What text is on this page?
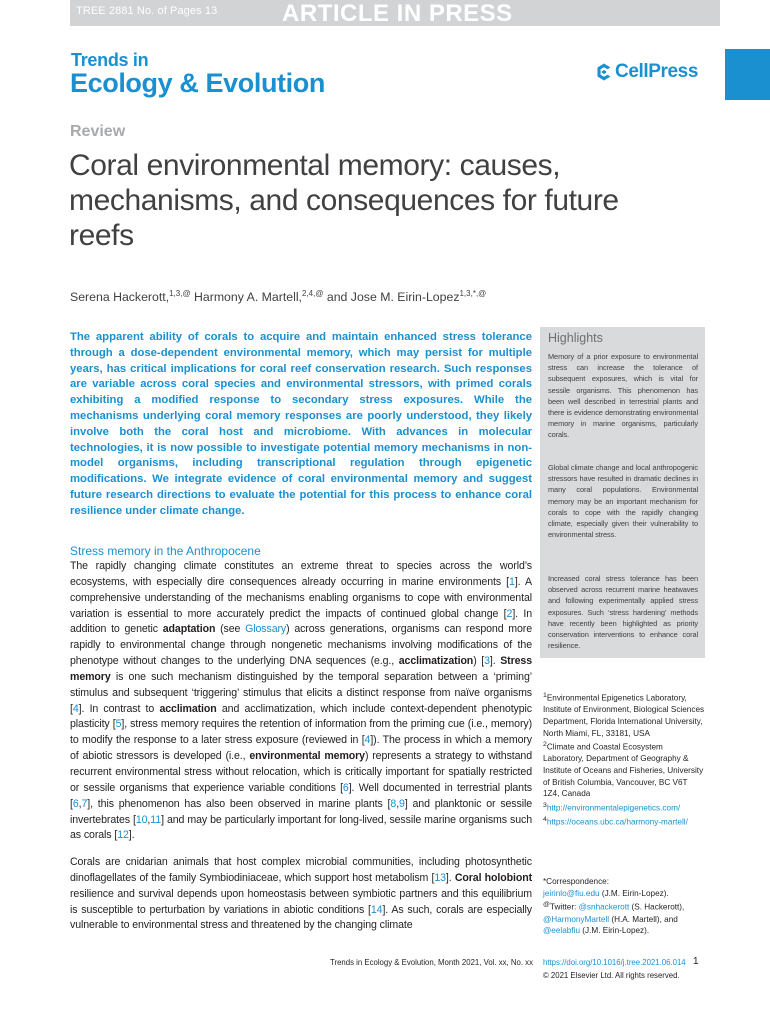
TREE 2881 No. of Pages 13	ARTICLE IN PRESS
Trends in
Ecology & Evolution	CellPress
Review
Coral environmental memory: causes, mechanisms, and consequences for future reefs
Serena Hackerott,$^{1,3,@}$ Harmony A. Martell,$^{2,4,@}$ and Jose M. Eirin-Lopez$^{1,3,*,@}$
The apparent ability of corals to acquire and maintain enhanced stress tolerance through a dose-dependent environmental memory, which may persist for multiple years, has critical implications for coral reef conservation research. Such responses are variable across coral species and environmental stressors, with primed corals exhibiting a modified response to secondary stress exposures. While the mechanisms underlying coral memory responses are poorly understood, they likely involve both the coral host and microbiome. With advances in molecular technologies, it is now possible to investigate potential memory mechanisms in non-model organisms, including transcriptional regulation through epigenetic modifications. We integrate evidence of coral environmental memory and suggest future research directions to evaluate the potential for this process to enhance coral resilience under climate change.
Highlights
Memory of a prior exposure to environmental stress can increase the tolerance of subsequent exposures, which is vital for sessile organisms. This phenomenon has been well described in terrestrial plants and there is evidence demonstrating environmental memory in marine organisms, particularly corals.
Global climate change and local anthropogenic stressors have resulted in dramatic declines in many coral populations. Environmental memory may be an important mechanism for corals to cope with the rapidly changing climate, especially given their vulnerability to environmental stress.
Increased coral stress tolerance has been observed across recurrent marine heatwaves and following experimentally applied stress exposures. Such ‘stress hardening’ methods have recently been highlighted as priority conservation interventions to enhance coral resilience.
Stress memory in the Anthropocene
The rapidly changing climate constitutes an extreme threat to species across the world’s ecosystems, with especially dire consequences already occurring in marine environments [1]. A comprehensive understanding of the mechanisms enabling organisms to cope with environmental variation is essential to more accurately predict the impacts of continued global change [2]. In addition to genetic adaptation (see Glossary) across generations, organisms can respond more rapidly to environmental change through nongenetic mechanisms involving modifications of the phenotype without changes to the underlying DNA sequences (e.g., acclimatization) [3]. Stress memory is one such mechanism distinguished by the temporal separation between a ‘priming’ stimulus and subsequent ‘triggering’ stimulus that elicits a distinct response from naïve organisms [4]. In contrast to acclimation and acclimatization, which include context-dependent phenotypic plasticity [5], stress memory requires the retention of information from the priming cue (i.e., memory) to modify the response to a later stress exposure (reviewed in [4]). The process in which a memory of abiotic stressors is developed (i.e., environmental memory) represents a strategy to withstand recurrent environmental stress without relocation, which is critically important for spatially restricted or sessile organisms that experience variable conditions [6]. Well documented in terrestrial plants [6,7], this phenomenon has also been observed in marine plants [8,9] and planktonic or sessile invertebrates [10,11] and may be particularly important for long-lived, sessile marine organisms such as corals [12].
Corals are cnidarian animals that host complex microbial communities, including photosynthetic dinoflagellates of the family Symbiodiniaceae, which support host metabolism [13]. Coral holobiont resilience and survival depends upon homeostasis between symbiotic partners and this equilibrium is susceptible to perturbation by variations in abiotic conditions [14]. As such, corals are especially vulnerable to environmental stress and threatened by the changing climate
$^1$Environmental Epigenetics Laboratory, Institute of Environment, Biological Sciences Department, Florida International University, North Miami, FL, 33181, USA
$^2$Climate and Coastal Ecosystem Laboratory, Department of Geography & Institute of Oceans and Fisheries, University of British Columbia, Vancouver, BC V6T 1Z4, Canada
$^3$http://environmentalepigenetics.com/
$^4$https://oceans.ubc.ca/harmony-martell/
*Correspondence:
jeirinlo@fiu.edu (J.M. Eirin-Lopez).
@Twitter: @snhackerott (S. Hackerott),
@HarmonyMartell (H.A. Martell), and
@eelabfiu (J.M. Eirin-Lopez).
Trends in Ecology & Evolution, Month 2021, Vol. xx, No. xx https://doi.org/10.1016/j.tree.2021.06.014 1
© 2021 Elsevier Ltd. All rights reserved.
